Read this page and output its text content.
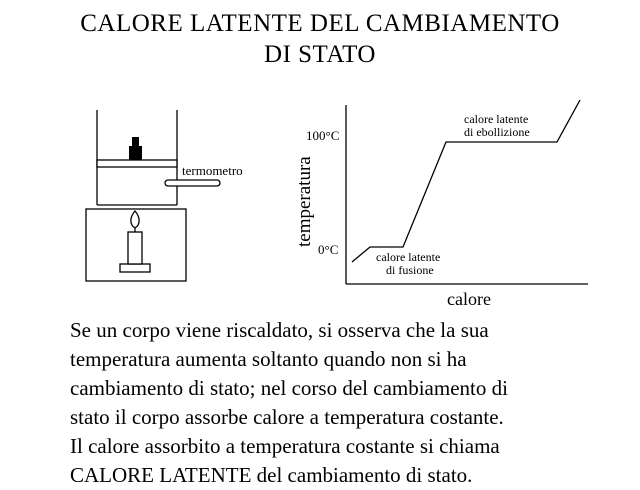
CALORE LATENTE DEL CAMBIAMENTO
DI STATO
termometro
100°C
0°C
temperatura
calore
calore latente
di ebollizione
calore latente
di fusione
Se un corpo viene riscaldato, si osserva che la sua
temperatura aumenta soltanto quando non si ha
cambiamento di stato; nel corso del cambiamento di
stato il corpo assorbe calore a temperatura costante.
Il calore assorbito a temperatura costante si chiama
CALORE LATENTE del cambiamento di stato.
